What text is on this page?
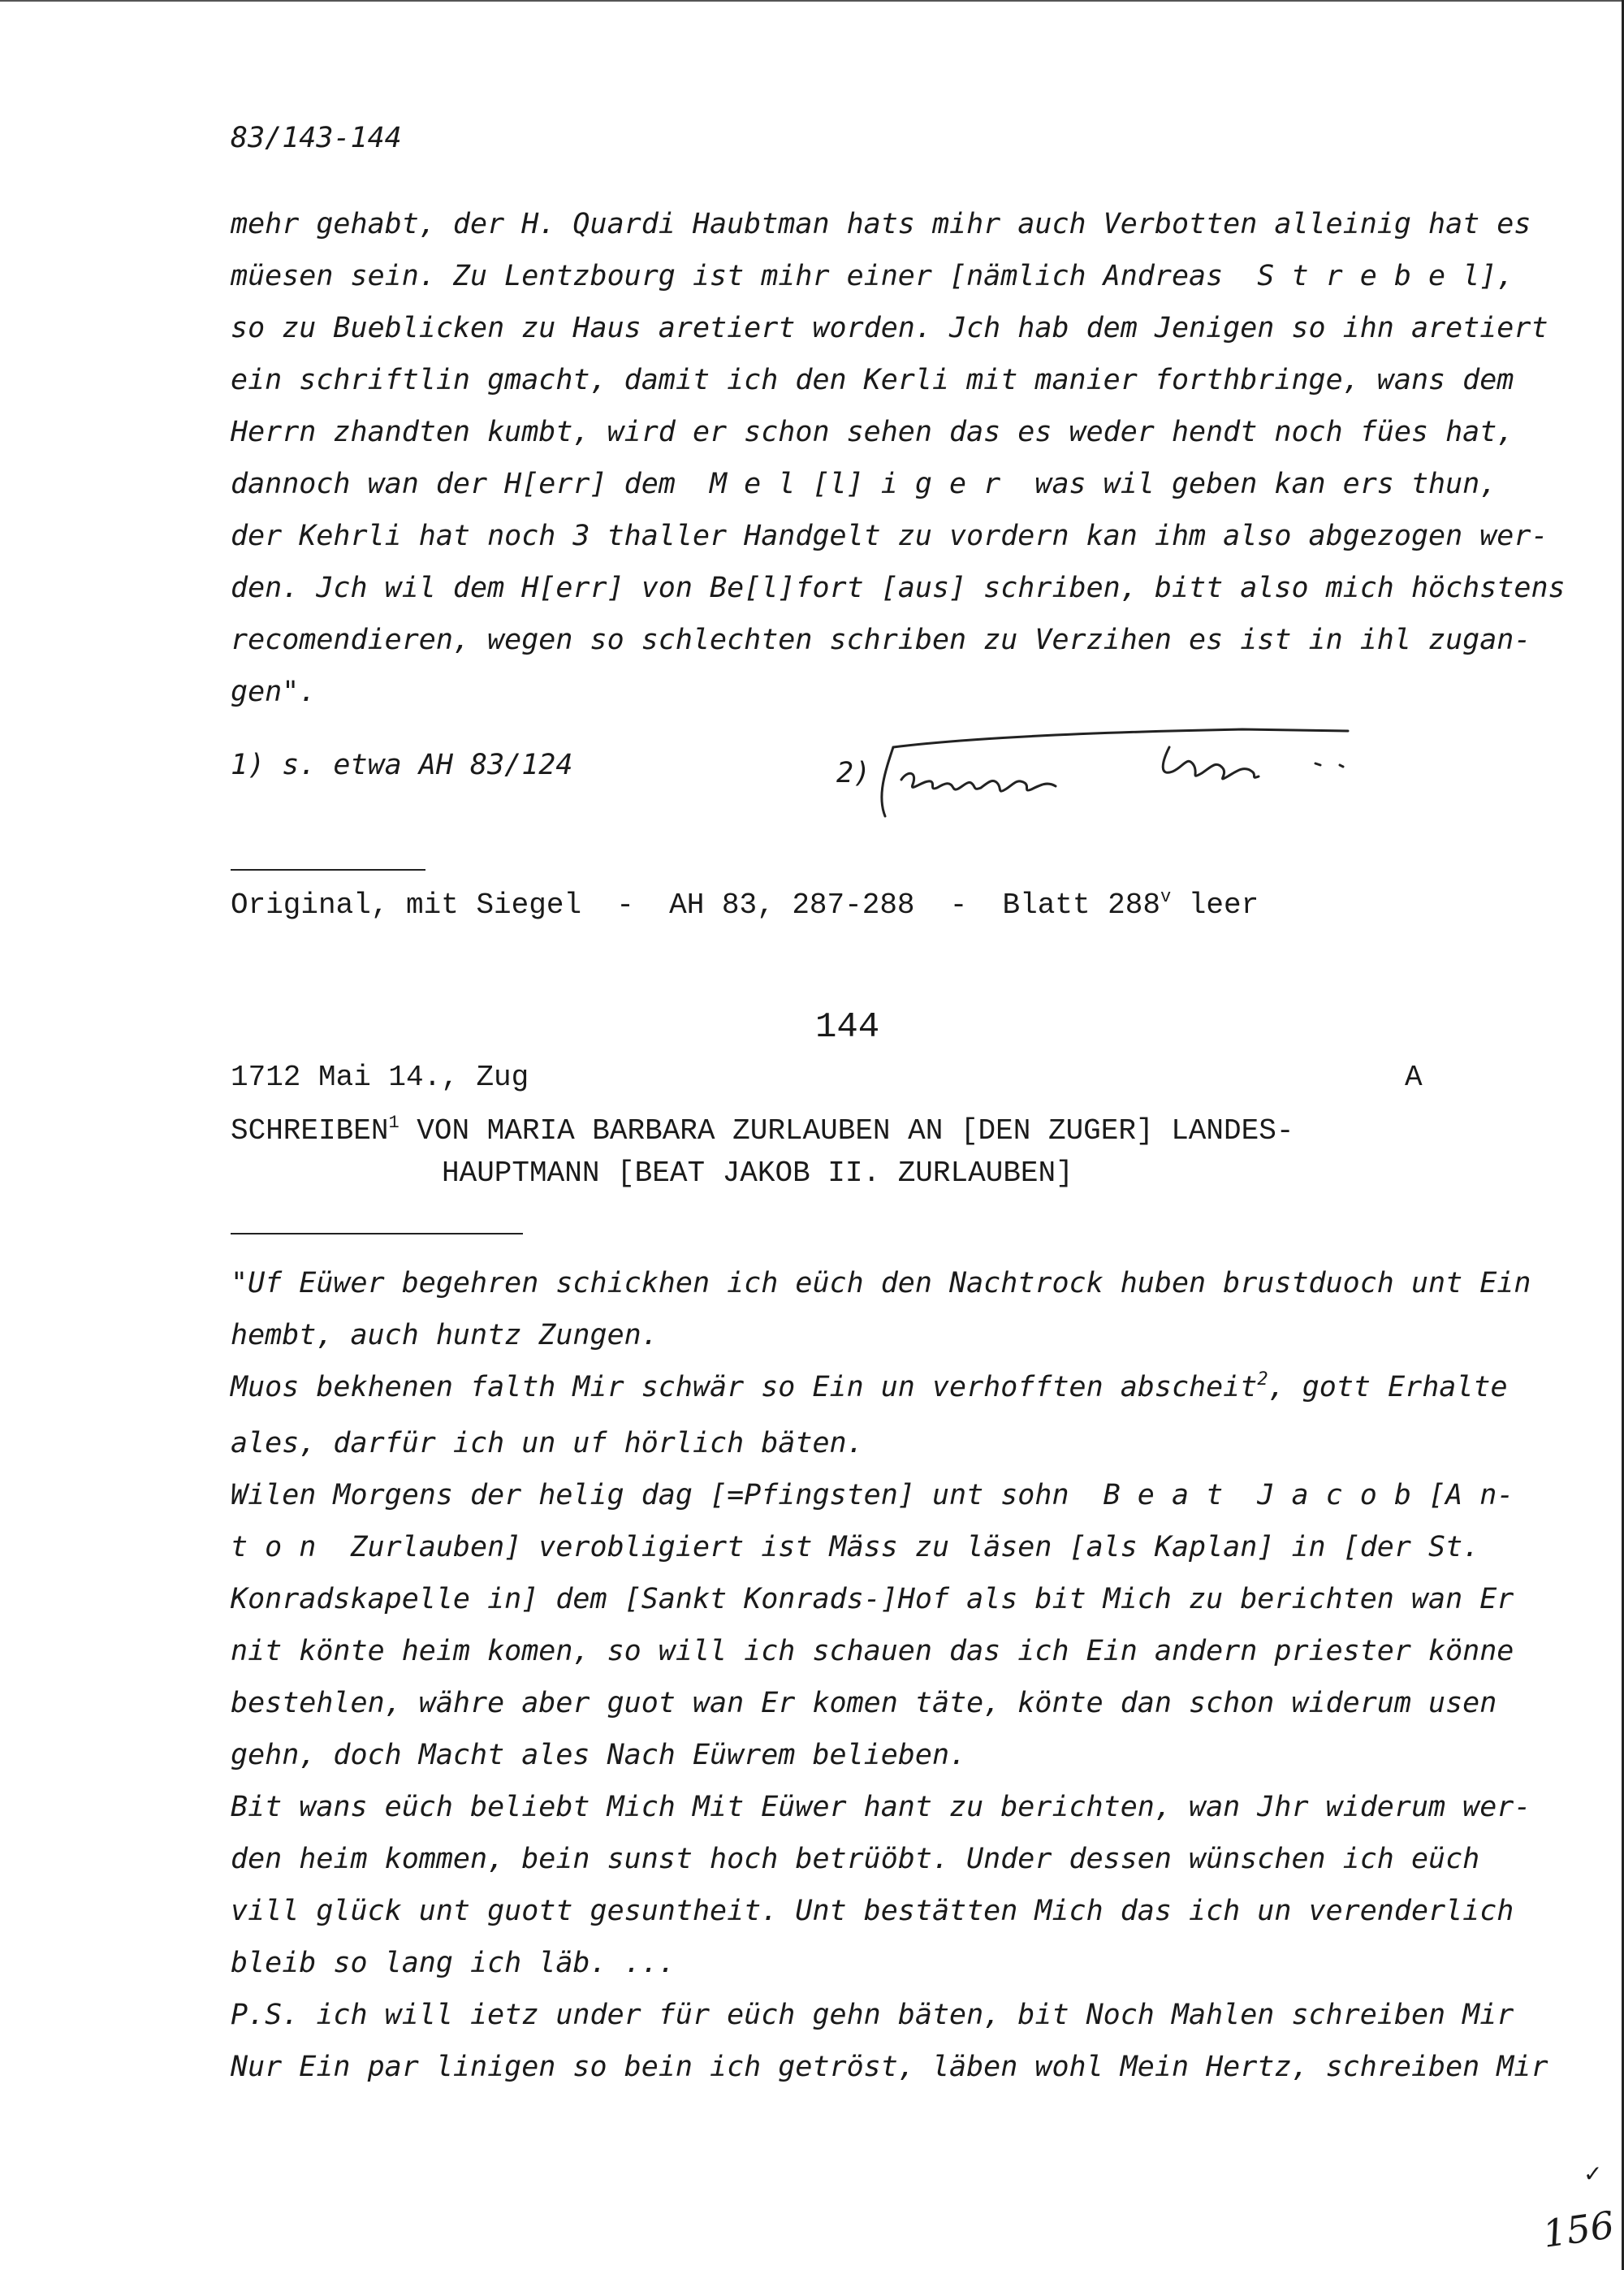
83/143-144
mehr gehabt, der H. Quardi Haubtman hats mihr auch Verbotten alleinig hat es
müesen sein. Zu Lentzbourg ist mihr einer [nämlich Andreas  S t r e b e l],
so zu Bueblicken zu Haus aretiert worden. Jch hab dem Jenigen so ihn aretiert
ein schriftlin gmacht, damit ich den Kerli mit manier forthbringe, wans dem
Herrn zhandten kumbt, wird er schon sehen das es weder hendt noch fües hat,
dannoch wan der H[err] dem  M e l [l] i g e r  was wil geben kan ers thun,
der Kehrli hat noch 3 thaller Handgelt zu vordern kan ihm also abgezogen wer-
den. Jch wil dem H[err] von Be[l]fort [aus] schriben, bitt also mich höchstens
recomendieren, wegen so schlechten schriben zu Verzihen es ist in ihl zugan-
gen".
1) s. etwa AH 83/124	2)
Original, mit Siegel  -  AH 83, 287-288  -  Blatt 288$^v$ leer
144
1712 Mai 14., Zug	A
SCHREIBEN$^1$ VON MARIA BARBARA ZURLAUBEN AN [DEN ZUGER] LANDES-
HAUPTMANN [BEAT JAKOB II. ZURLAUBEN]
"Uf Eüwer begehren schickhen ich eüch den Nachtrock huben brustduoch unt Ein
hembt, auch huntz Zungen.
Muos bekhenen falth Mir schwär so Ein un verhofften abscheit$^2$, gott Erhalte
ales, darfür ich un uf hörlich bäten.
Wilen Morgens der helig dag [=Pfingsten] unt sohn  B e a t  J a c o b [A n-
t o n  Zurlauben] verobligiert ist Mäss zu läsen [als Kaplan] in [der St.
Konradskapelle in] dem [Sankt Konrads-]Hof als bit Mich zu berichten wan Er
nit könte heim komen, so will ich schauen das ich Ein andern priester könne
bestehlen, währe aber guot wan Er komen täte, könte dan schon widerum usen
gehn, doch Macht ales Nach Eüwrem belieben.
Bit wans eüch beliebt Mich Mit Eüwer hant zu berichten, wan Jhr widerum wer-
den heim kommen, bein sunst hoch betrüöbt. Under dessen wünschen ich eüch
vill glück unt guott gesuntheit. Unt bestätten Mich das ich un verenderlich
bleib so lang ich läb. ...
P.S. ich will ietz under für eüch gehn bäten, bit Noch Mahlen schreiben Mir
Nur Ein par linigen so bein ich getröst, läben wohl Mein Hertz, schreiben Mir
✓
156
